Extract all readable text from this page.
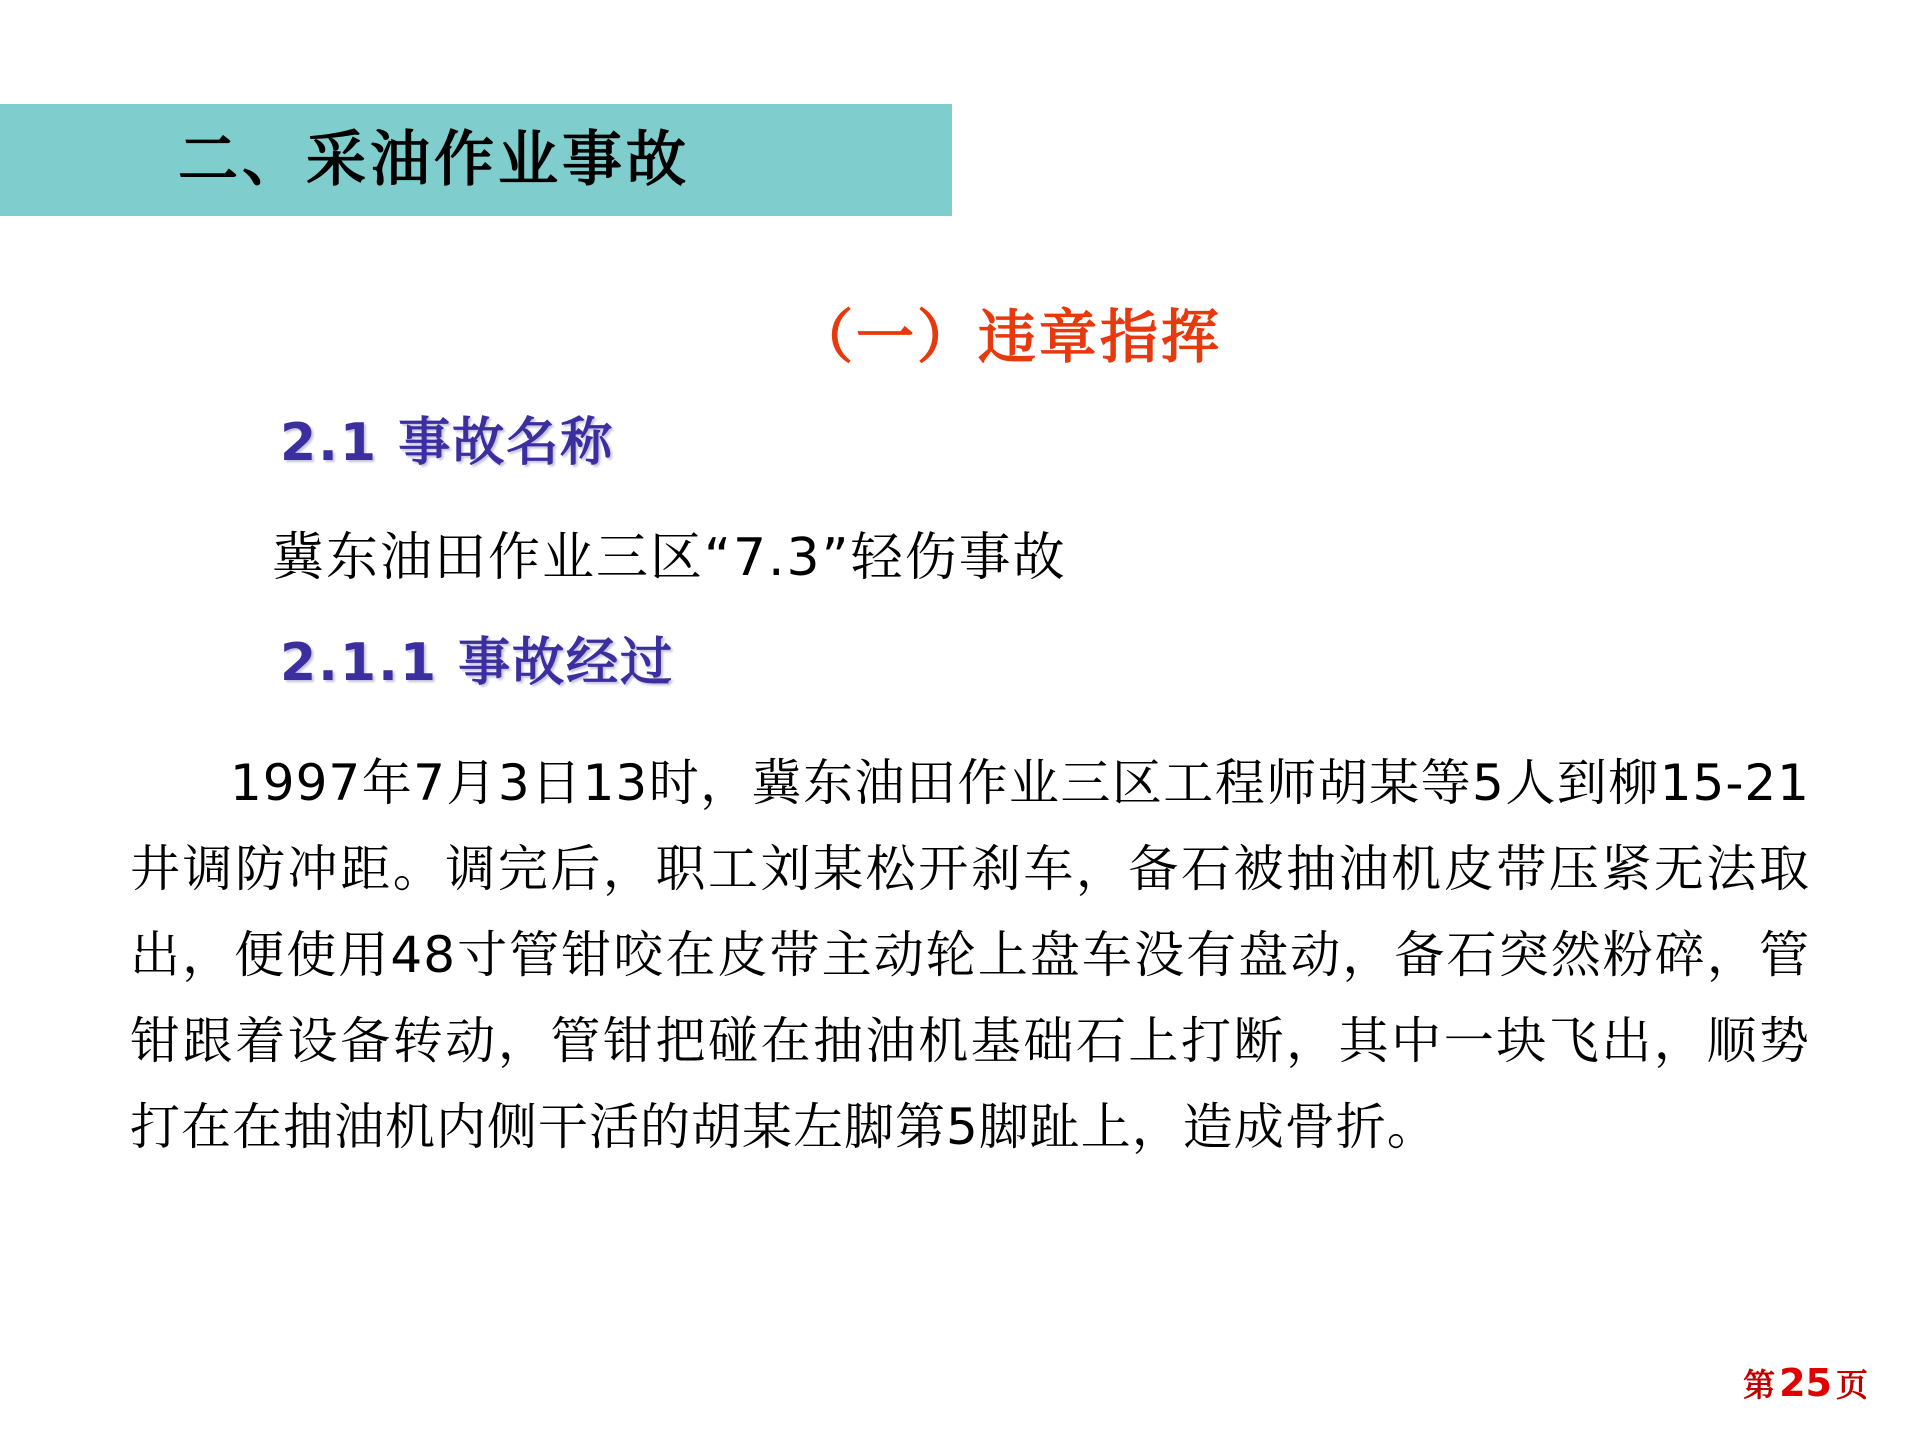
二、采油作业事故
（一）违章指挥
2.1 事故名称
冀东油田作业三区“7.3”轻伤事故
2.1.1 事故经过
1997年7月3日13时，冀东油田作业三区工程师胡某等5人到柳15-21井调防冲距。调完后，职工刘某松开刹车，备石被抽油机皮带压紧无法取出，便使用48寸管钳咬在皮带主动轮上盘车没有盘动，备石突然粉碎，管钳跟着设备转动，管钳把碰在抽油机基础石上打断，其中一块飞出，顺势打在在抽油机内侧干活的胡某左脚第5脚趾上，造成骨折。
第 25 页
